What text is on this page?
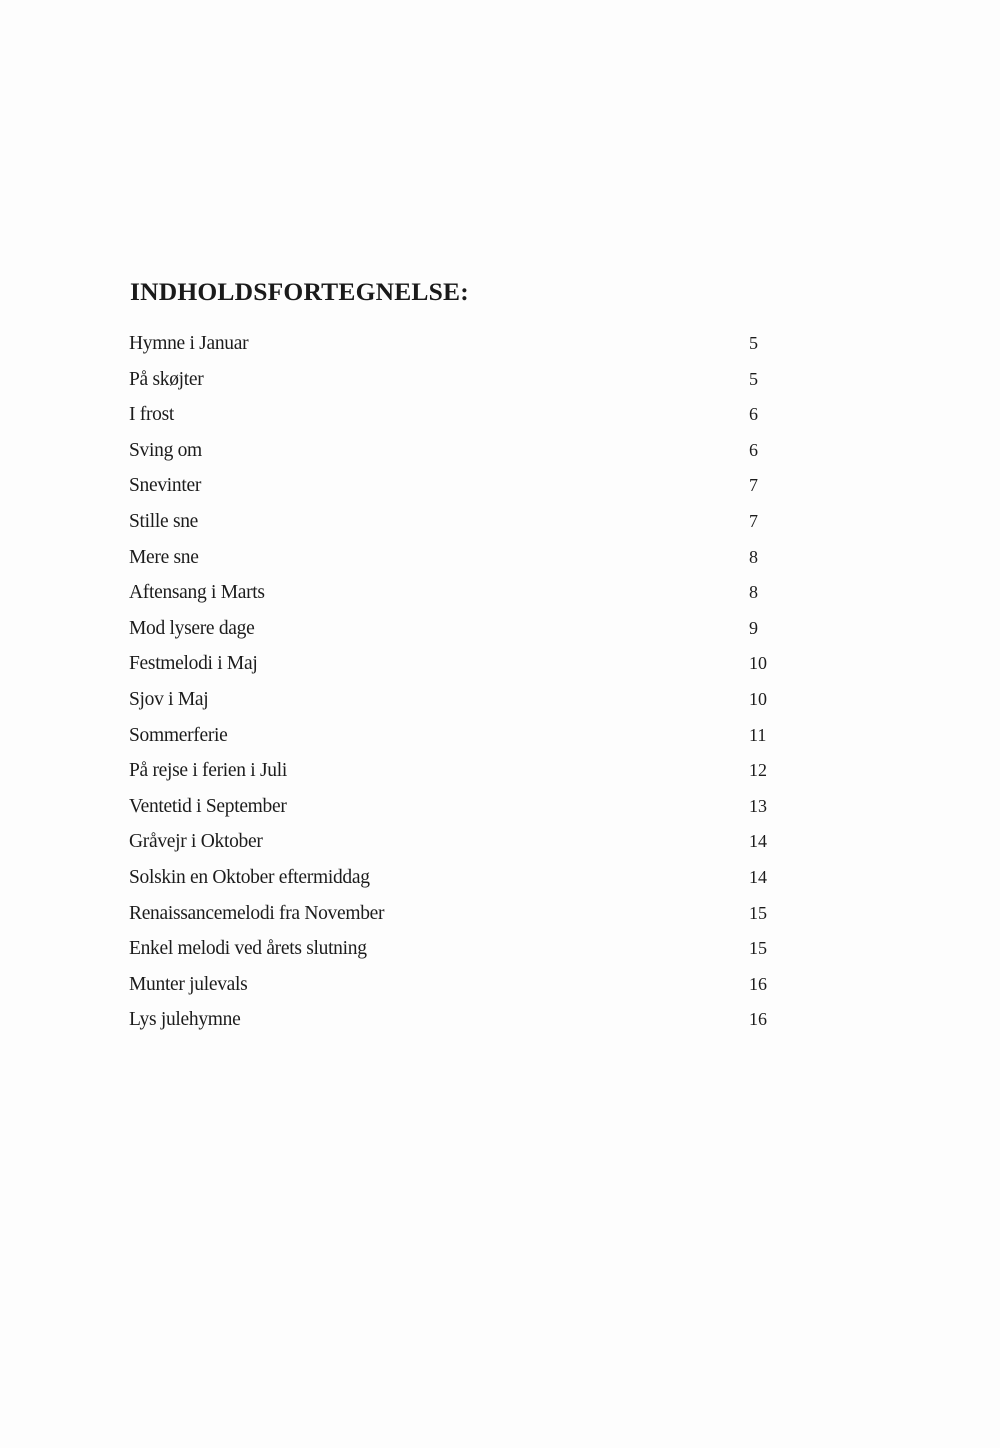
INDHOLDSFORTEGNELSE:
Hymne i Januar	5
På skøjter	5
I frost	6
Sving om	6
Snevinter	7
Stille sne	7
Mere sne	8
Aftensang i Marts	8
Mod lysere dage	9
Festmelodi i Maj	10
Sjov i Maj	10
Sommerferie	11
På rejse i ferien i Juli	12
Ventetid i September	13
Gråvejr i Oktober	14
Solskin en Oktober eftermiddag	14
Renaissancemelodi fra November	15
Enkel melodi ved årets slutning	15
Munter julevals	16
Lys julehymne	16
